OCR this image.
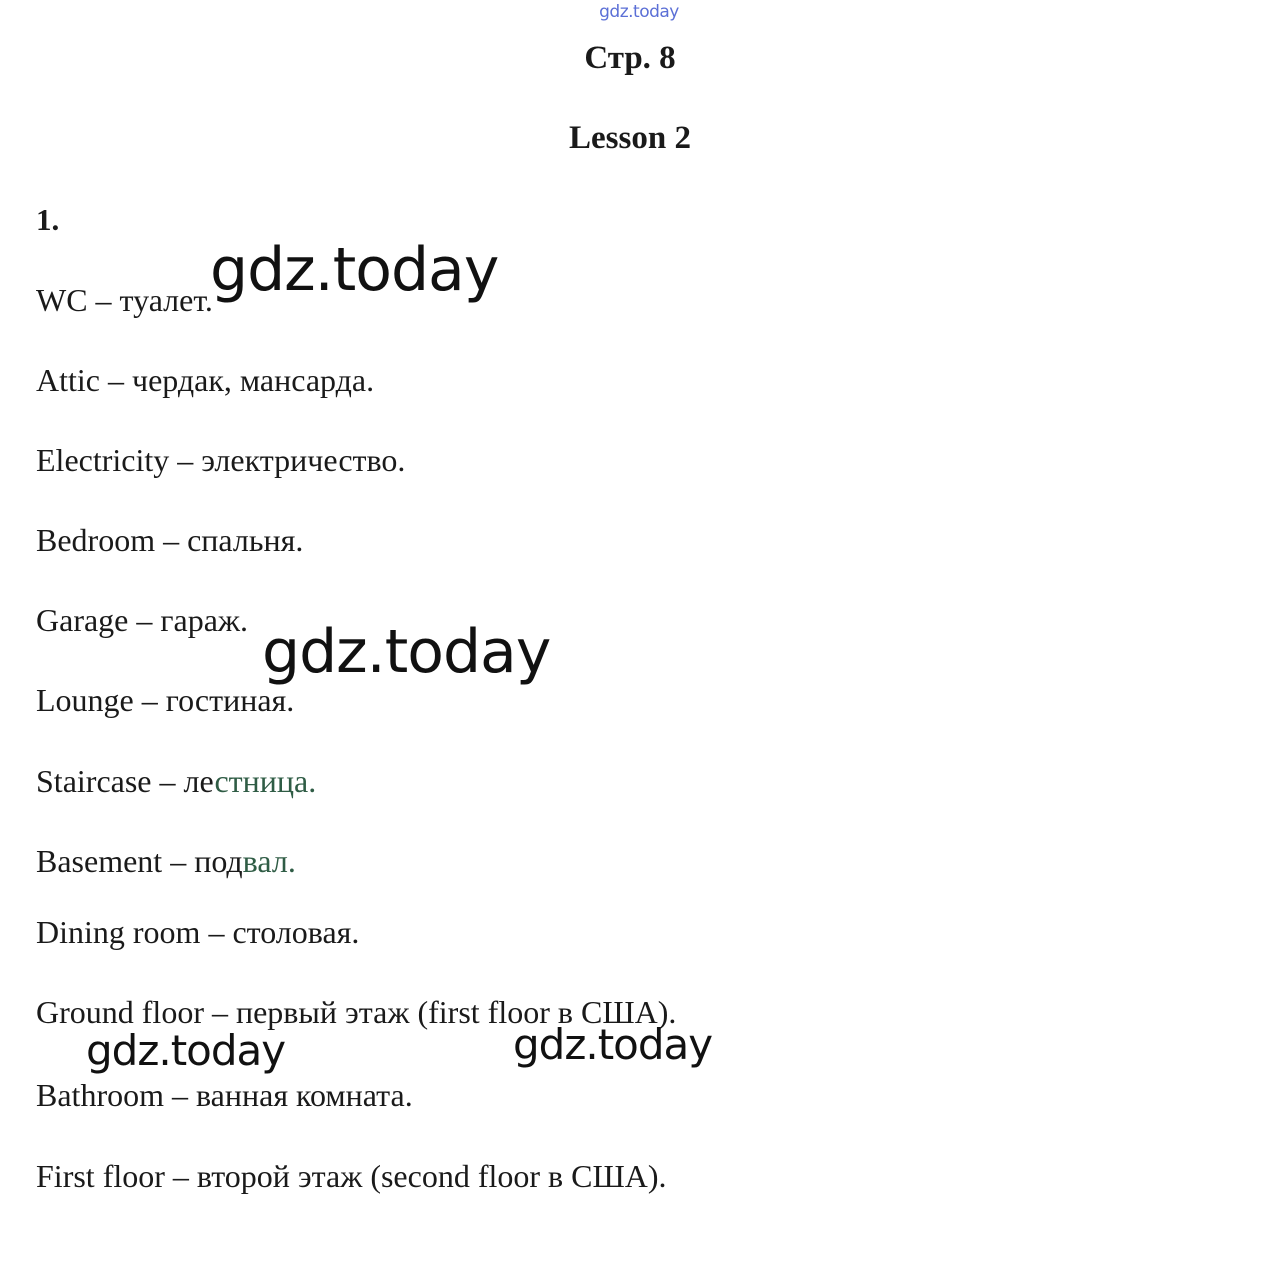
gdz.today
Стр. 8
Lesson 2
1.
WC – туалет.
Attic – чердак, мансарда.
Electricity – электричество.
Bedroom – спальня.
Garage – гараж.
Lounge – гостиная.
Staircase – лестница.
Basement – подвал.
Dining room – столовая.
Ground floor – первый этаж (first floor в США).
Bathroom – ванная комната.
First floor – второй этаж (second floor в США).
gdz.today
gdz.today
gdz.today	gdz.today
